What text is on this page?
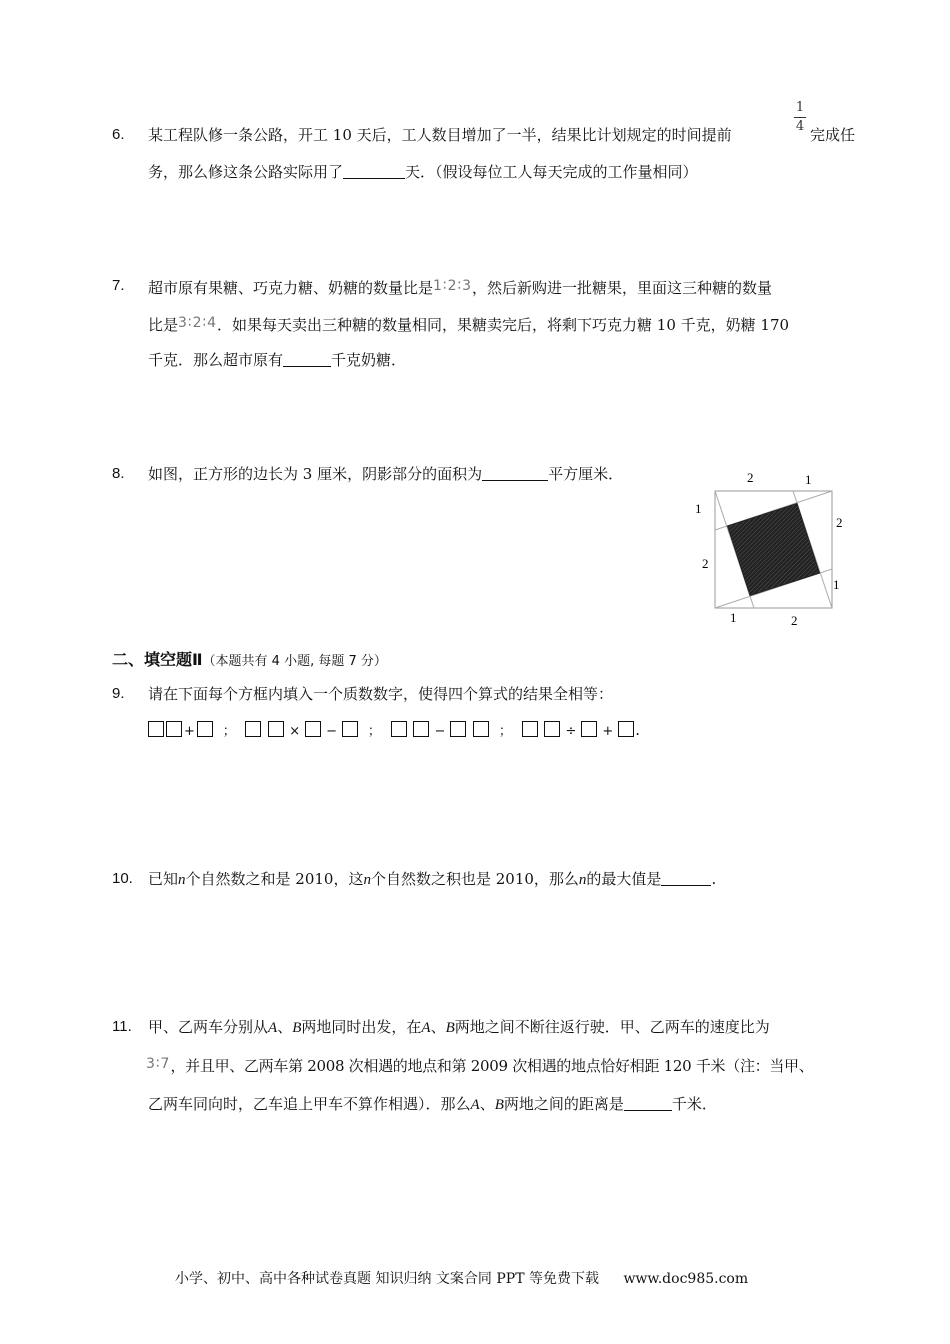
6. 某工程队修一条公路，开工 10 天后，工人数目增加了一半，结果比计划规定的时间提前
1
4 完成任
务，那么修这条公路实际用了	天．（假设每位工人每天完成的工作量相同）
7. 超市原有果糖、巧克力糖、奶糖的数量比是1∶2∶3，然后新购进一批糖果，里面这三种糖的数量
比是3∶2∶4．如果每天卖出三种糖的数量相同，果糖卖完后，将剩下巧克力糖 10 千克，奶糖 170
千克．那么超市原有	千克奶糖．
8. 如图，正方形的边长为 3 厘米，阴影部分的面积为	平方厘米．	2	1
1
2
2
1
1	2
二、填空题Ⅱ（本题共有 4 小题, 每题 7 分）
9. 请在下面每个方框内填入一个质数数字，使得四个算式的结果全相等：
+ ；	× − ；	−	；	÷ + .
10. 已知n个自然数之和是 2010，这n个自然数之积也是 2010，那么n的最大值是	.
11. 甲、乙两车分别从A、B两地同时出发，在A、B两地之间不断往返行驶．甲、乙两车的速度比为
3∶7，并且甲、乙两车第 2008 次相遇的地点和第 2009 次相遇的地点恰好相距 120 千米（注：当甲、
乙两车同向时，乙车追上甲车不算作相遇）．那么A、B两地之间的距离是	千米．
小学、初中、高中各种试卷真题 知识归纳 文案合同 PPT 等免费下载 www.doc985.com
